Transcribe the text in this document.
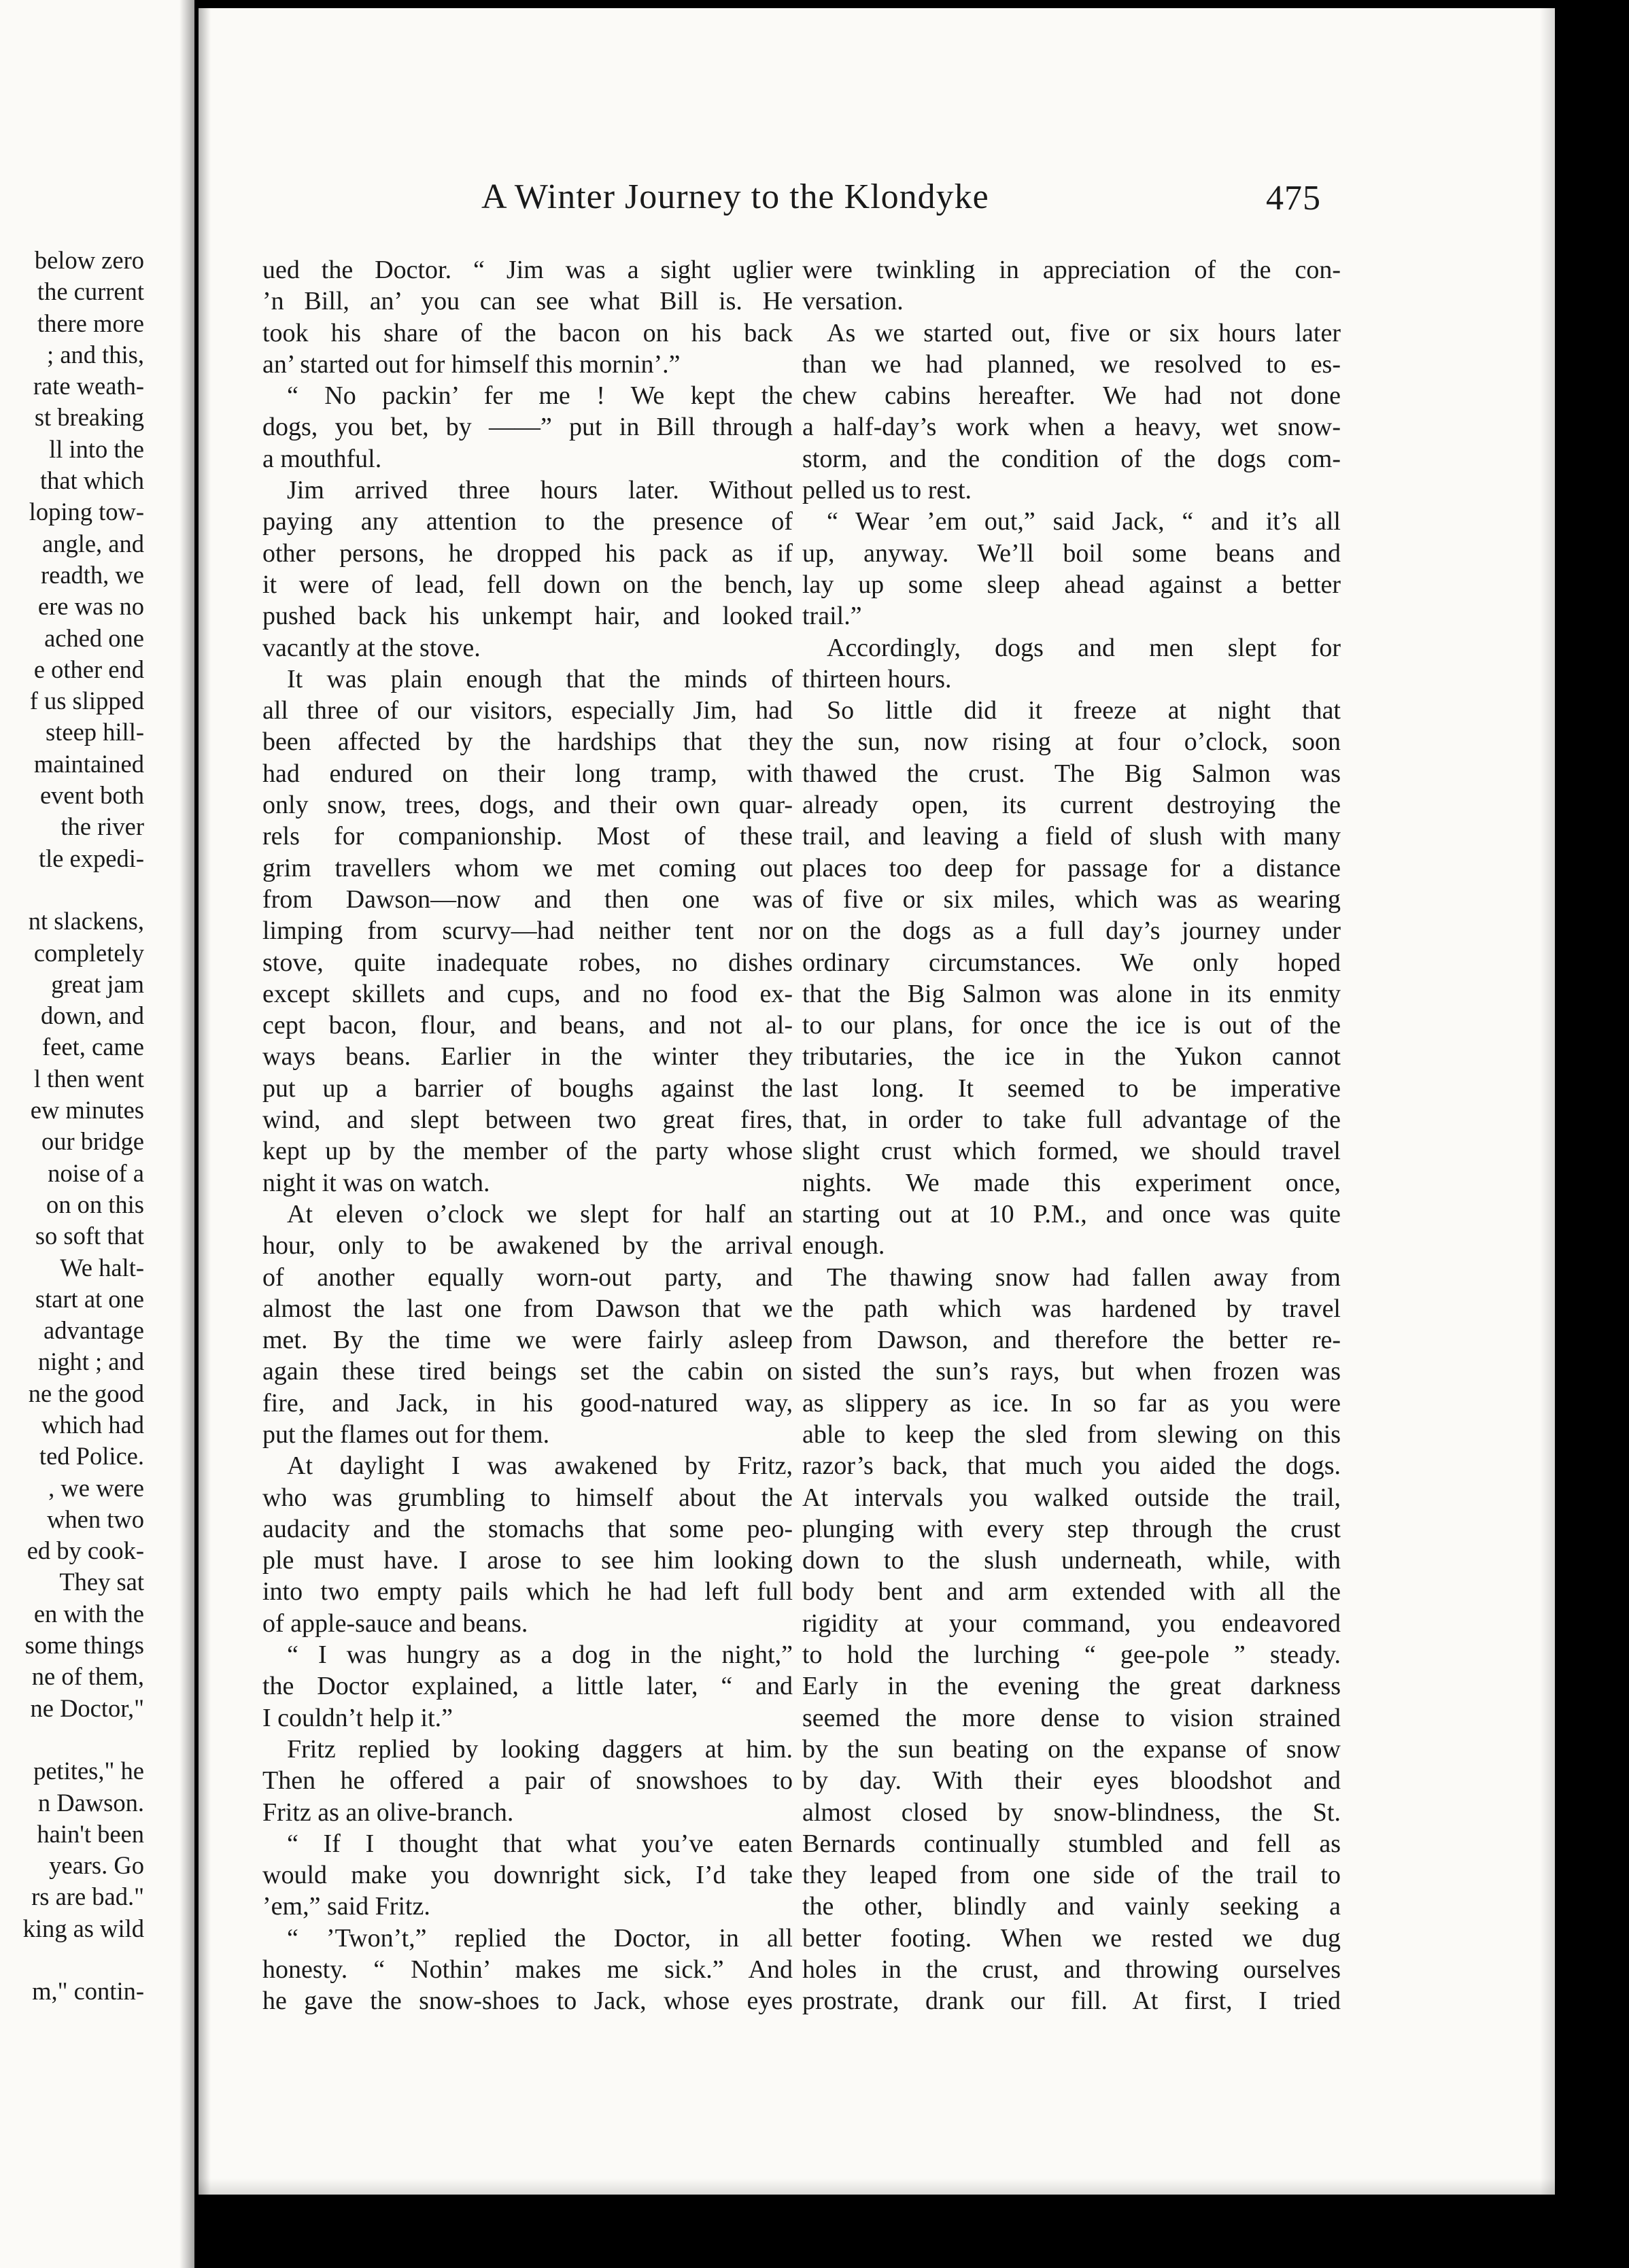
below zero
the current
there more
; and this,
rate weath-
st breaking
ll into the
that which
loping tow-
angle, and
readth, we
ere was no
ached one
e other end
f us slipped
steep hill-
maintained
event both
the river
tle expedi-
nt slackens,
completely
great jam
down, and
feet, came
l then went
ew minutes
our bridge
noise of a
on on this
so soft that
We halt-
start at one
advantage
night ; and
ne the good
which had
ted Police.
, we were
when two
ed by cook-
They sat
en with the
some things
ne of them,
ne Doctor,"
petites," he
n Dawson.
hain't been
years. Go
rs are bad."
king as wild
m," contin-
A Winter Journey to the Klondyke	475
ued the Doctor. “ Jim was a sight uglier
’n Bill, an’ you can see what Bill is. He
took his share of the bacon on his back
an’ started out for himself this mornin’.”
“ No packin’ fer me ! We kept the
dogs, you bet, by ——” put in Bill through
a mouthful.
Jim arrived three hours later. Without
paying any attention to the presence of
other persons, he dropped his pack as if
it were of lead, fell down on the bench,
pushed back his unkempt hair, and looked
vacantly at the stove.
It was plain enough that the minds of
all three of our visitors, especially Jim, had
been affected by the hardships that they
had endured on their long tramp, with
only snow, trees, dogs, and their own quar-
rels for companionship. Most of these
grim travellers whom we met coming out
from Dawson—now and then one was
limping from scurvy—had neither tent nor
stove, quite inadequate robes, no dishes
except skillets and cups, and no food ex-
cept bacon, flour, and beans, and not al-
ways beans. Earlier in the winter they
put up a barrier of boughs against the
wind, and slept between two great fires,
kept up by the member of the party whose
night it was on watch.
At eleven o’clock we slept for half an
hour, only to be awakened by the arrival
of another equally worn-out party, and
almost the last one from Dawson that we
met. By the time we were fairly asleep
again these tired beings set the cabin on
fire, and Jack, in his good-natured way,
put the flames out for them.
At daylight I was awakened by Fritz,
who was grumbling to himself about the
audacity and the stomachs that some peo-
ple must have. I arose to see him looking
into two empty pails which he had left full
of apple-sauce and beans.
“ I was hungry as a dog in the night,”
the Doctor explained, a little later, “ and
I couldn’t help it.”
Fritz replied by looking daggers at him.
Then he offered a pair of snowshoes to
Fritz as an olive-branch.
“ If I thought that what you’ve eaten
would make you downright sick, I’d take
’em,” said Fritz.
“ ’Twon’t,” replied the Doctor, in all
honesty. “ Nothin’ makes me sick.” And
he gave the snow-shoes to Jack, whose eyes
were twinkling in appreciation of the con-
versation.
As we started out, five or six hours later
than we had planned, we resolved to es-
chew cabins hereafter. We had not done
a half-day’s work when a heavy, wet snow-
storm, and the condition of the dogs com-
pelled us to rest.
“ Wear ’em out,” said Jack, “ and it’s all
up, anyway. We’ll boil some beans and
lay up some sleep ahead against a better
trail.”
Accordingly, dogs and men slept for
thirteen hours.
So little did it freeze at night that
the sun, now rising at four o’clock, soon
thawed the crust. The Big Salmon was
already open, its current destroying the
trail, and leaving a field of slush with many
places too deep for passage for a distance
of five or six miles, which was as wearing
on the dogs as a full day’s journey under
ordinary circumstances. We only hoped
that the Big Salmon was alone in its enmity
to our plans, for once the ice is out of the
tributaries, the ice in the Yukon cannot
last long. It seemed to be imperative
that, in order to take full advantage of the
slight crust which formed, we should travel
nights. We made this experiment once,
starting out at 10 P.M., and once was quite
enough.
The thawing snow had fallen away from
the path which was hardened by travel
from Dawson, and therefore the better re-
sisted the sun’s rays, but when frozen was
as slippery as ice. In so far as you were
able to keep the sled from slewing on this
razor’s back, that much you aided the dogs.
At intervals you walked outside the trail,
plunging with every step through the crust
down to the slush underneath, while, with
body bent and arm extended with all the
rigidity at your command, you endeavored
to hold the lurching “ gee-pole ” steady.
Early in the evening the great darkness
seemed the more dense to vision strained
by the sun beating on the expanse of snow
by day. With their eyes bloodshot and
almost closed by snow-blindness, the St.
Bernards continually stumbled and fell as
they leaped from one side of the trail to
the other, blindly and vainly seeking a
better footing. When we rested we dug
holes in the crust, and throwing ourselves
prostrate, drank our fill. At first, I tried
